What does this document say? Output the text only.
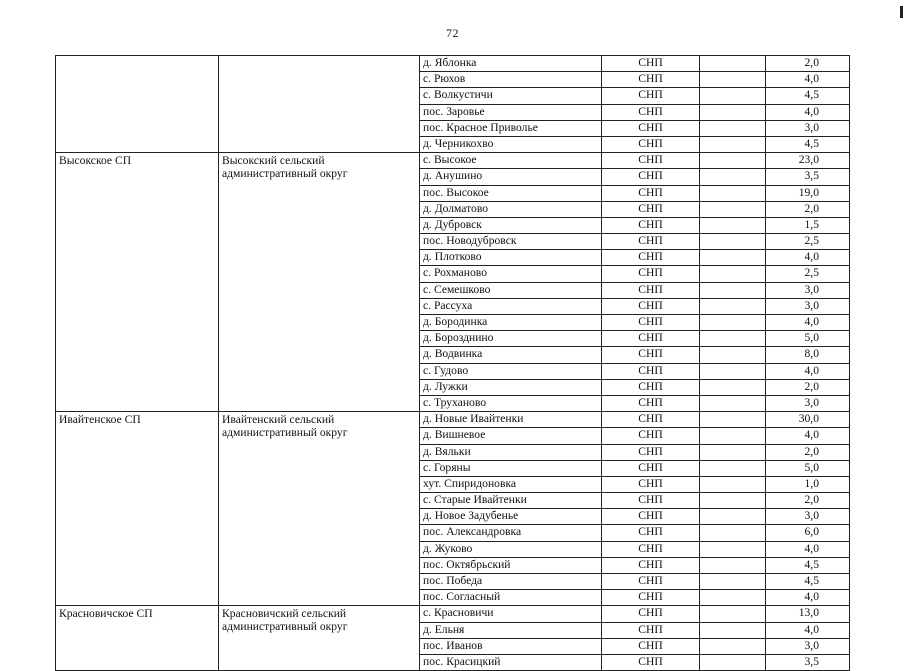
72
		д. Яблонка	СНП		2,0
		с. Рюхов	СНП		4,0
		с. Волкустичи	СНП		4,5
		пос. Заровье	СНП		4,0
		пос. Красное Приволье	СНП		3,0
		д. Черникоxво	СНП		4,5
Высокское СП	Высокский сельский административный округ	с. Высокое	СНП		23,0
		д. Анушино	СНП		3,5
		пос. Высокое	СНП		19,0
		д. Долматово	СНП		2,0
		д. Дубровск	СНП		1,5
		пос. Новодубровск	СНП		2,5
		д. Плотково	СНП		4,0
		с. Рохманово	СНП		2,5
		с. Семешково	СНП		3,0
		с. Рассуха	СНП		3,0
		д. Бородинка	СНП		4,0
		д. Борозднино	СНП		5,0
		д. Водвинка	СНП		8,0
		с. Гудово	СНП		4,0
		д. Лужки	СНП		2,0
		с. Труханово	СНП		3,0
Ивайтенское СП	Ивайтенский сельский административный округ	д. Новые Ивайтенки	СНП		30,0
		д. Вишневое	СНП		4,0
		д. Вяльки	СНП		2,0
		с. Горяны	СНП		5,0
		хут. Спиридоновка	СНП		1,0
		с. Старые Ивайтенки	СНП		2,0
		д. Новое Задубенье	СНП		3,0
		пос. Александровка	СНП		6,0
		д. Жуково	СНП		4,0
		пос. Октябрьский	СНП		4,5
		пос. Победа	СНП		4,5
		пос. Согласный	СНП		4,0
Красновичское СП	Красновичский сельский административный округ	с. Красновичи	СНП		13,0
		д. Ельня	СНП		4,0
		пос. Иванов	СНП		3,0
		пос. Красицкий	СНП		3,5
